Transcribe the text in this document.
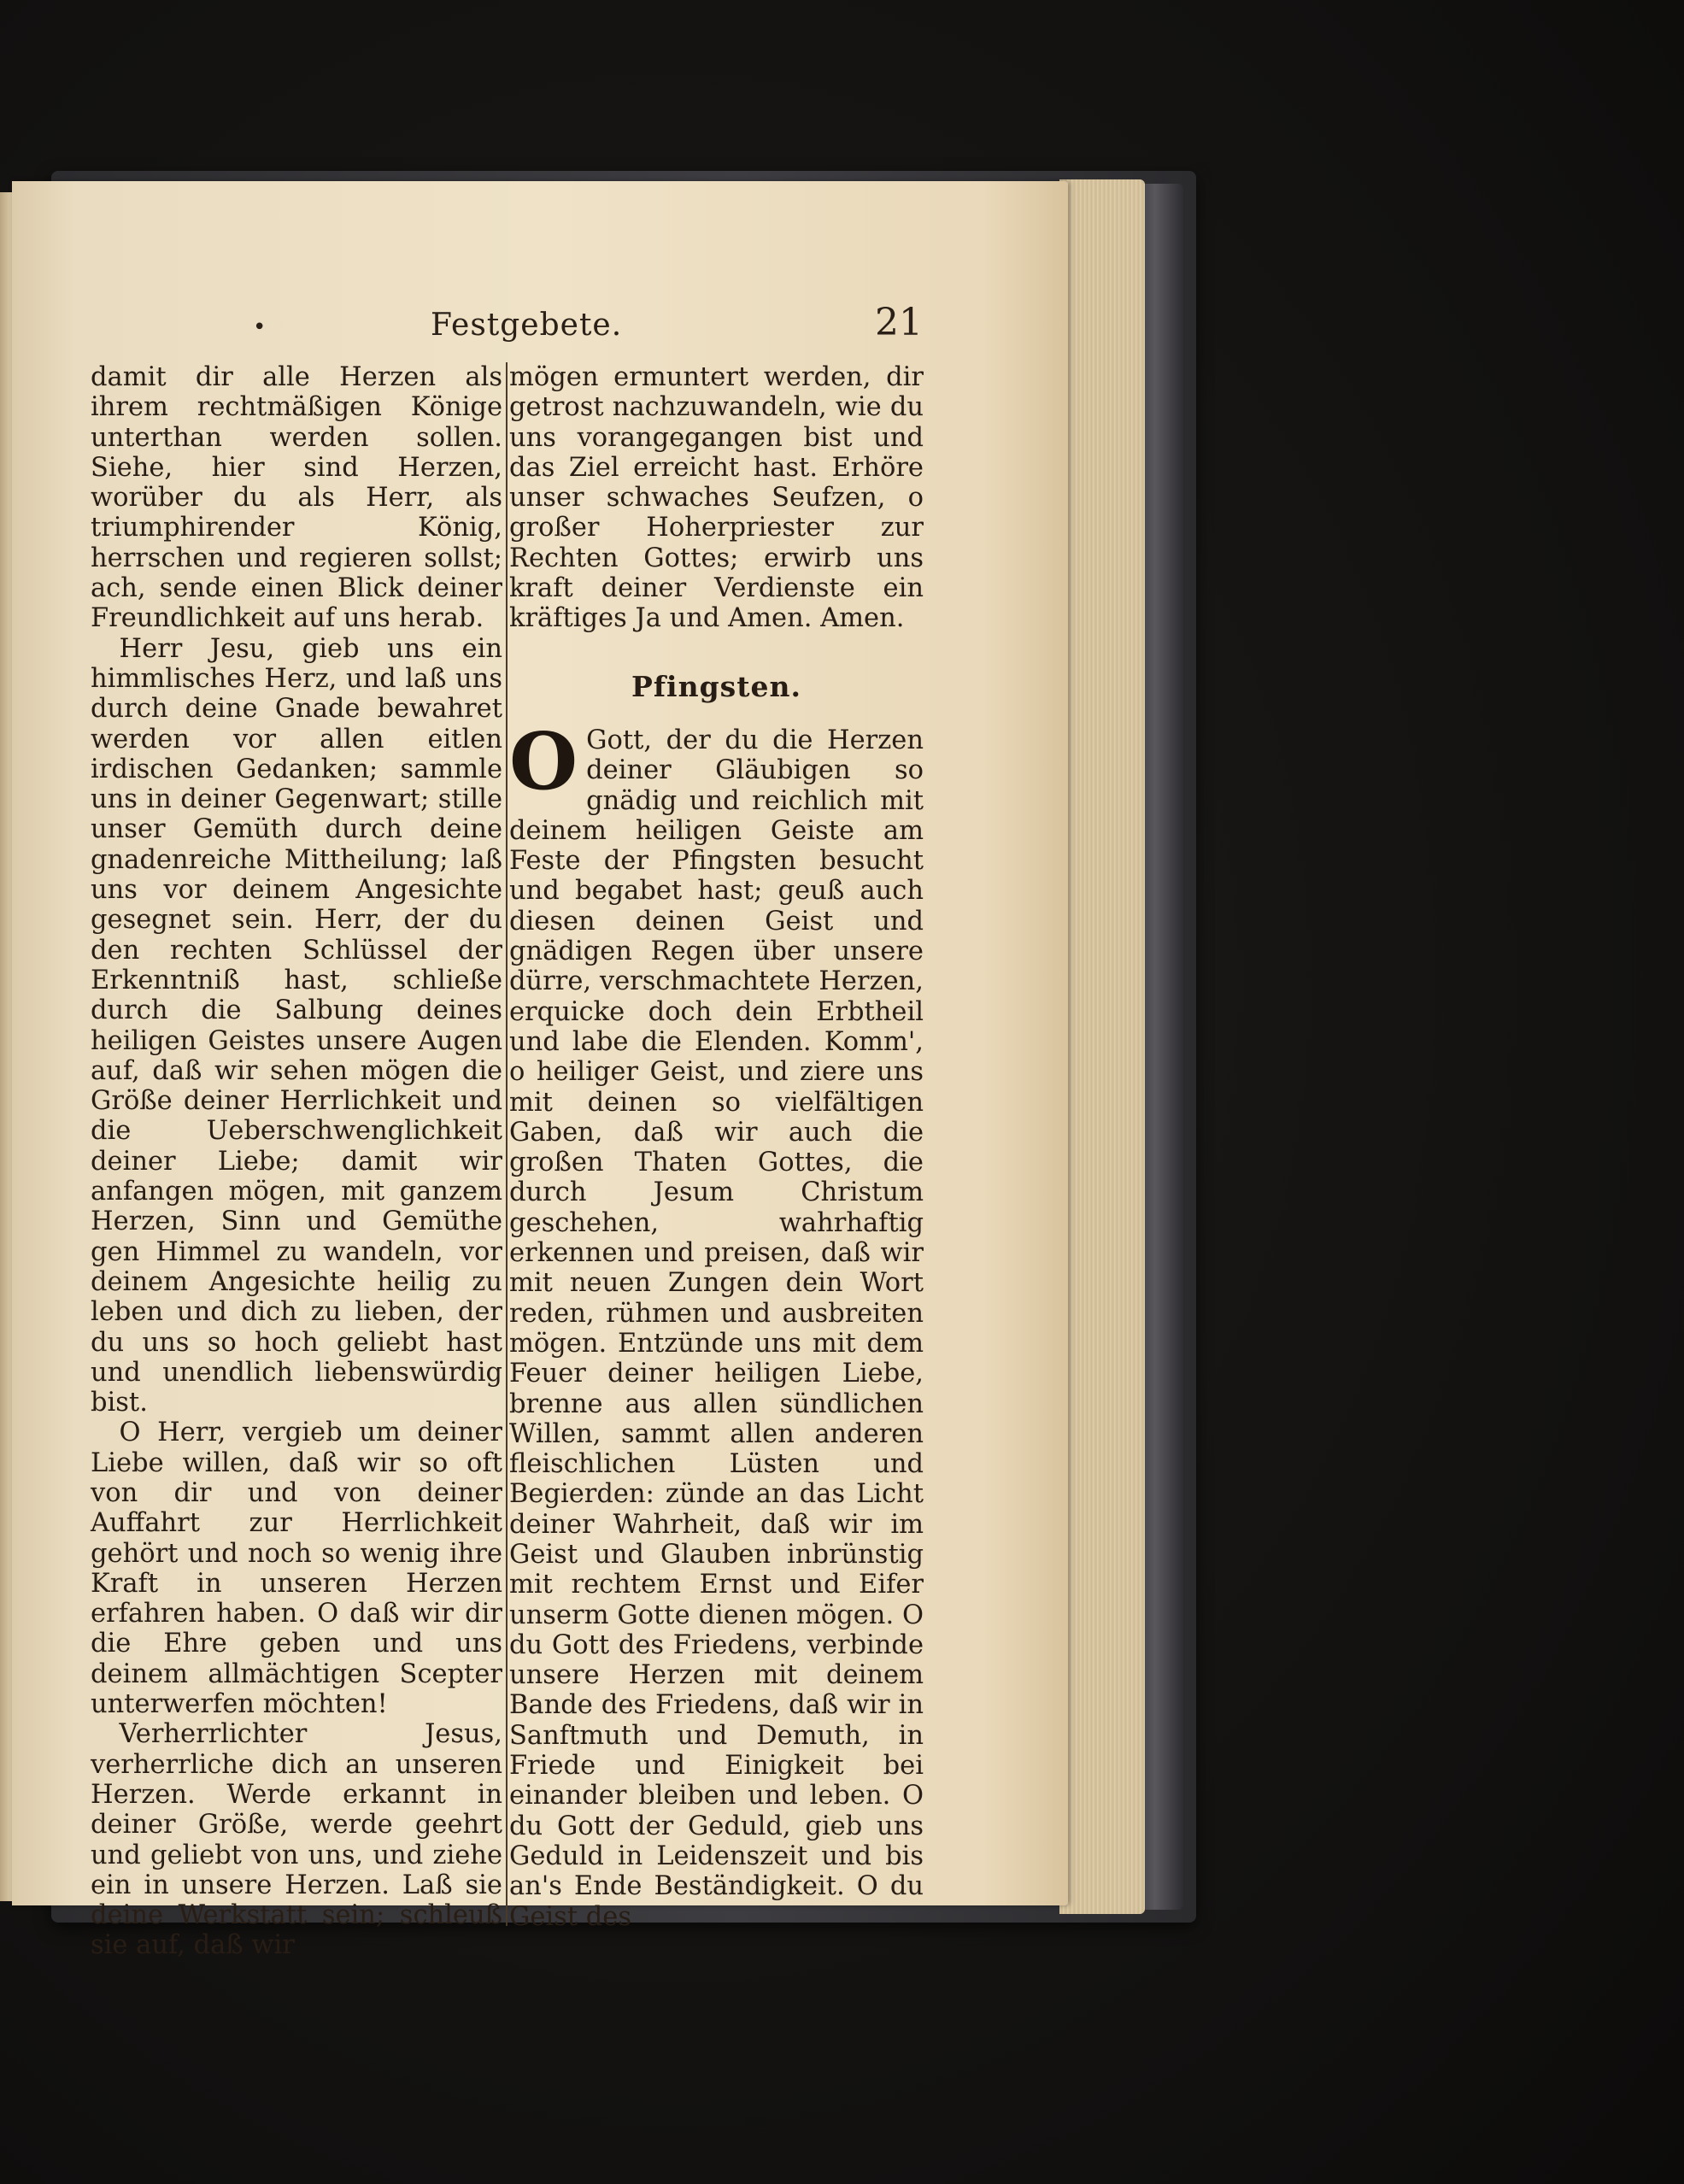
•	Festgebete.	21

damit dir alle Herzen als ihrem rechtmäßigen Könige unterthan werden sollen. Siehe, hier sind Herzen, worüber du als Herr, als triumphirender König, herrschen und regieren sollst; ach, sende einen Blick deiner Freundlichkeit auf uns herab.

Herr Jesu, gieb uns ein himmlisches Herz, und laß uns durch deine Gnade bewahret werden vor allen eitlen irdischen Gedanken; sammle uns in deiner Gegenwart; stille unser Gemüth durch deine gnadenreiche Mittheilung; laß uns vor deinem Angesichte gesegnet sein. Herr, der du den rechten Schlüssel der Erkenntniß hast, schließe durch die Salbung deines heiligen Geistes unsere Augen auf, daß wir sehen mögen die Größe deiner Herrlichkeit und die Ueberschwenglichkeit deiner Liebe; damit wir anfangen mögen, mit ganzem Herzen, Sinn und Gemüthe gen Himmel zu wandeln, vor deinem Angesichte heilig zu leben und dich zu lieben, der du uns so hoch geliebt hast und unendlich liebenswürdig bist.

O Herr, vergieb um deiner Liebe willen, daß wir so oft von dir und von deiner Auffahrt zur Herrlichkeit gehört und noch so wenig ihre Kraft in unseren Herzen erfahren haben. O daß wir dir die Ehre geben und uns deinem allmächtigen Scepter unterwerfen möchten!

Verherrlichter Jesus, verherrliche dich an unseren Herzen. Werde erkannt in deiner Größe, werde geehrt und geliebt von uns, und ziehe ein in unsere Herzen. Laß sie deine Werkstatt sein; schleuß sie auf, daß wir

mögen ermuntert werden, dir getrost nachzuwandeln, wie du uns vorangegangen bist und das Ziel erreicht hast. Erhöre unser schwaches Seufzen, o großer Hoherpriester zur Rechten Gottes; erwirb uns kraft deiner Verdienste ein kräftiges Ja und Amen. Amen.

Pfingsten.

O Gott, der du die Herzen deiner Gläubigen so gnädig und reichlich mit deinem heiligen Geiste am Feste der Pfingsten besucht und begabet hast; geuß auch diesen deinen Geist und gnädigen Regen über unsere dürre, verschmachtete Herzen, erquicke doch dein Erbtheil und labe die Elenden. Komm', o heiliger Geist, und ziere uns mit deinen so vielfältigen Gaben, daß wir auch die großen Thaten Gottes, die durch Jesum Christum geschehen, wahrhaftig erkennen und preisen, daß wir mit neuen Zungen dein Wort reden, rühmen und ausbreiten mögen. Entzünde uns mit dem Feuer deiner heiligen Liebe, brenne aus allen sündlichen Willen, sammt allen anderen fleischlichen Lüsten und Begierden: zünde an das Licht deiner Wahrheit, daß wir im Geist und Glauben inbrünstig mit rechtem Ernst und Eifer unserm Gotte dienen mögen. O du Gott des Friedens, verbinde unsere Herzen mit deinem Bande des Friedens, daß wir in Sanftmuth und Demuth, in Friede und Einigkeit bei einander bleiben und leben. O du Gott der Geduld, gieb uns Geduld in Leidenszeit und bis an's Ende Beständigkeit. O du Geist des
